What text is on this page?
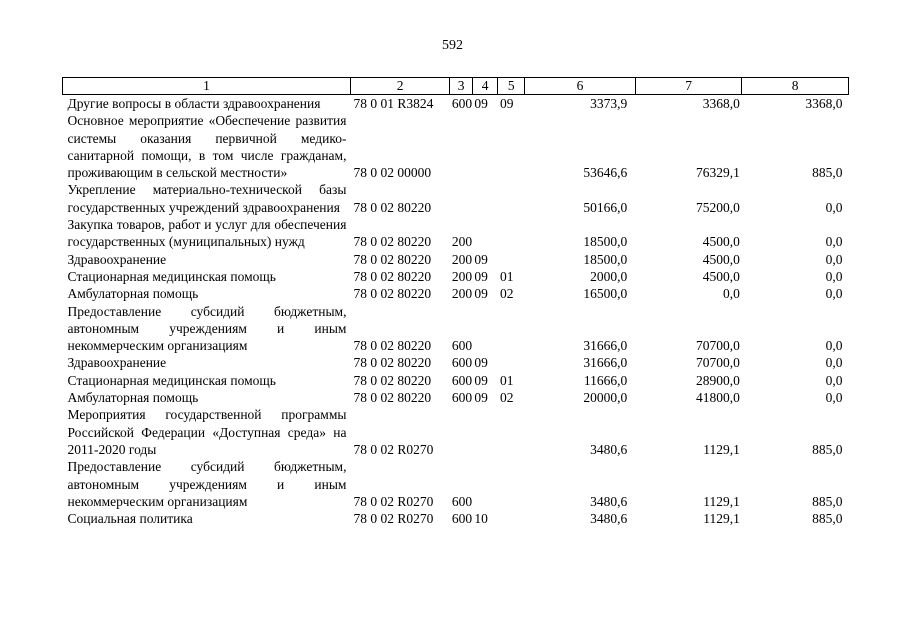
592
1	2	3	4	5	6	7	8
Другие вопросы в области здравоохранения	78 0 01 R3824	600	09	09	3373,9	3368,0	3368,0
Основное мероприятие «Обеспечение развития системы оказания первичной медико-санитарной помощи, в том числе гражданам, проживающим в сельской местности»	78 0 02 00000				53646,6	76329,1	885,0
Укрепление материально-технической базы государственных учреждений здравоохранения	78 0 02 80220				50166,0	75200,0	0,0
Закупка товаров, работ и услуг для обеспечения государственных (муниципальных) нужд	78 0 02 80220	200			18500,0	4500,0	0,0
Здравоохранение	78 0 02 80220	200	09		18500,0	4500,0	0,0
Стационарная медицинская помощь	78 0 02 80220	200	09	01	2000,0	4500,0	0,0
Амбулаторная помощь	78 0 02 80220	200	09	02	16500,0	0,0	0,0
Предоставление субсидий бюджетным, автономным учреждениям и иным некоммерческим организациям	78 0 02 80220	600			31666,0	70700,0	0,0
Здравоохранение	78 0 02 80220	600	09		31666,0	70700,0	0,0
Стационарная медицинская помощь	78 0 02 80220	600	09	01	11666,0	28900,0	0,0
Амбулаторная помощь	78 0 02 80220	600	09	02	20000,0	41800,0	0,0
Мероприятия государственной программы Российской Федерации «Доступная среда» на 2011-2020 годы	78 0 02 R0270				3480,6	1129,1	885,0
Предоставление субсидий бюджетным, автономным учреждениям и иным некоммерческим организациям	78 0 02 R0270	600			3480,6	1129,1	885,0
Социальная политика	78 0 02 R0270	600	10		3480,6	1129,1	885,0
